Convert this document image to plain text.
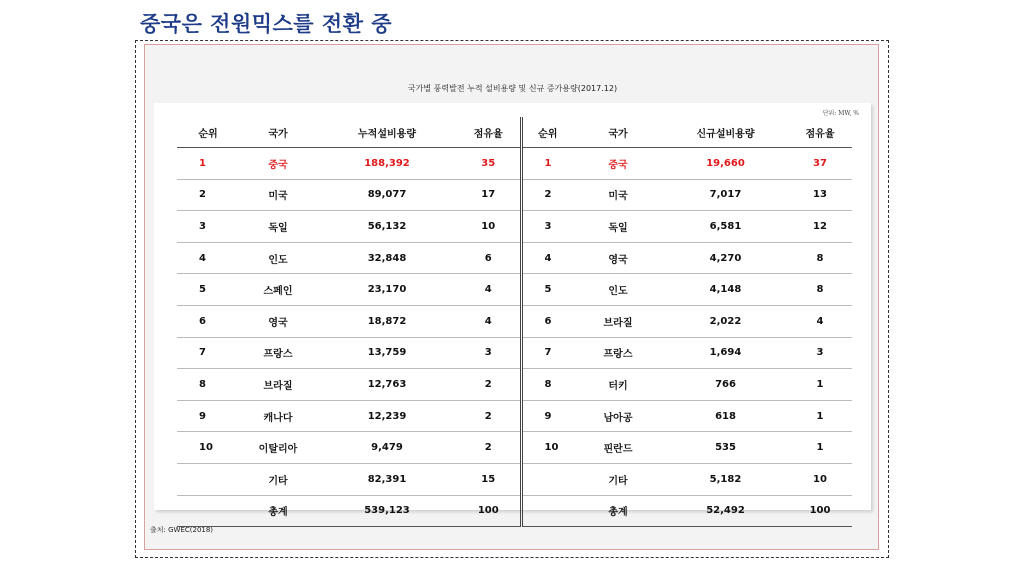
중국은 전원믹스를 전환 중
국가별 풍력발전 누적 설비용량 및 신규 증가용량(2017.12)
단위: MW, %
순위	국가	누적설비용량	점유율	순위	국가	신규설비용량	점유율
1	중국	188,392	35	1	중국	19,660	37
2	미국	89,077	17	2	미국	7,017	13
3	독일	56,132	10	3	독일	6,581	12
4	인도	32,848	6	4	영국	4,270	8
5	스페인	23,170	4	5	인도	4,148	8
6	영국	18,872	4	6	브라질	2,022	4
7	프랑스	13,759	3	7	프랑스	1,694	3
8	브라질	12,763	2	8	터키	766	1
9	캐나다	12,239	2	9	남아공	618	1
10	이탈리아	9,479	2	10	핀란드	535	1
	기타	82,391	15		기타	5,182	10
	총계	539,123	100		총계	52,492	100
출처: GWEC(2018)
